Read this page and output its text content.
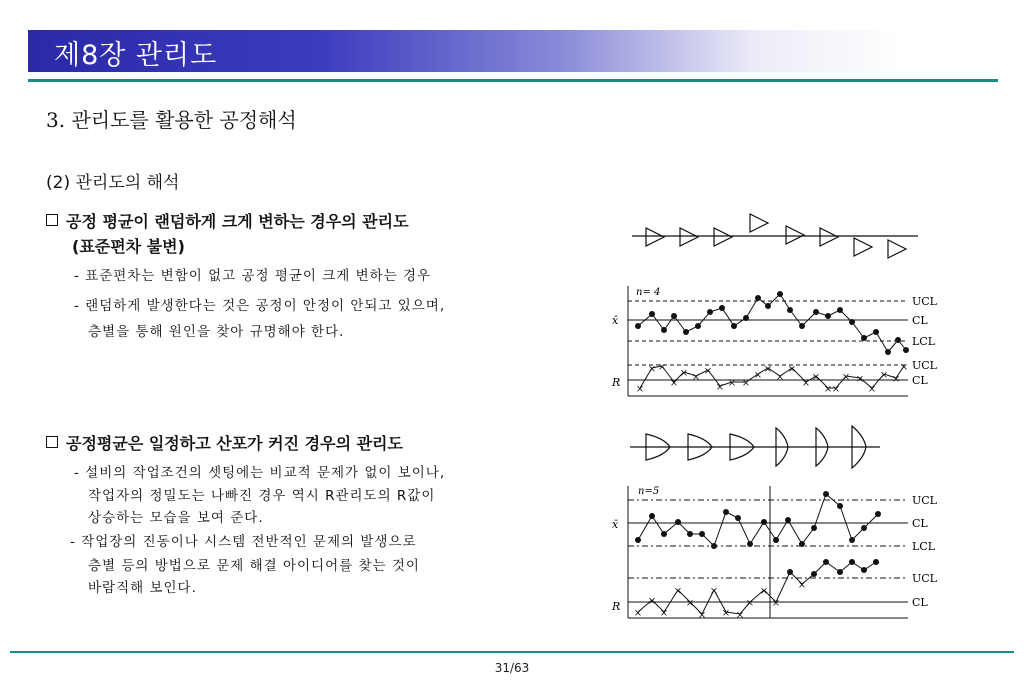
제8장 관리도
3. 관리도를 활용한 공정해석
(2) 관리도의 해석
공정 평균이 랜덤하게 크게 변하는 경우의 관리도
(표준편차 불변)
- 표준편차는 변함이 없고 공정 평균이 크게 변하는 경우
- 랜덤하게 발생한다는 것은 공정이 안정이 안되고 있으며,
층별을 통해 원인을 찾아 규명해야 한다.
공정평균은 일정하고 산포가 커진 경우의 관리도
- 설비의 작업조건의 셋팅에는 비교적 문제가 없이 보이나,
작업자의 정밀도는 나빠진 경우 역시 R관리도의 R값이
상승하는 모습을 보여 준다.
- 작업장의 진동이나 시스템 전반적인 문제의 발생으로
층별 등의 방법으로 문제 해결 아이디어를 찾는 것이
바람직해 보인다.
×
× ×
×
× ×
×
× × ×
×
×
×
×
×
×
× ×
× ×
×
× ×
×
×
×
×
×
×
×
×
× ×
×
×
×
×
n= 4
x̄
R
UCL
CL
LCL
UCL
CL
n=5
x̄
R
UCL
CL
LCL
UCL
CL
31/63
